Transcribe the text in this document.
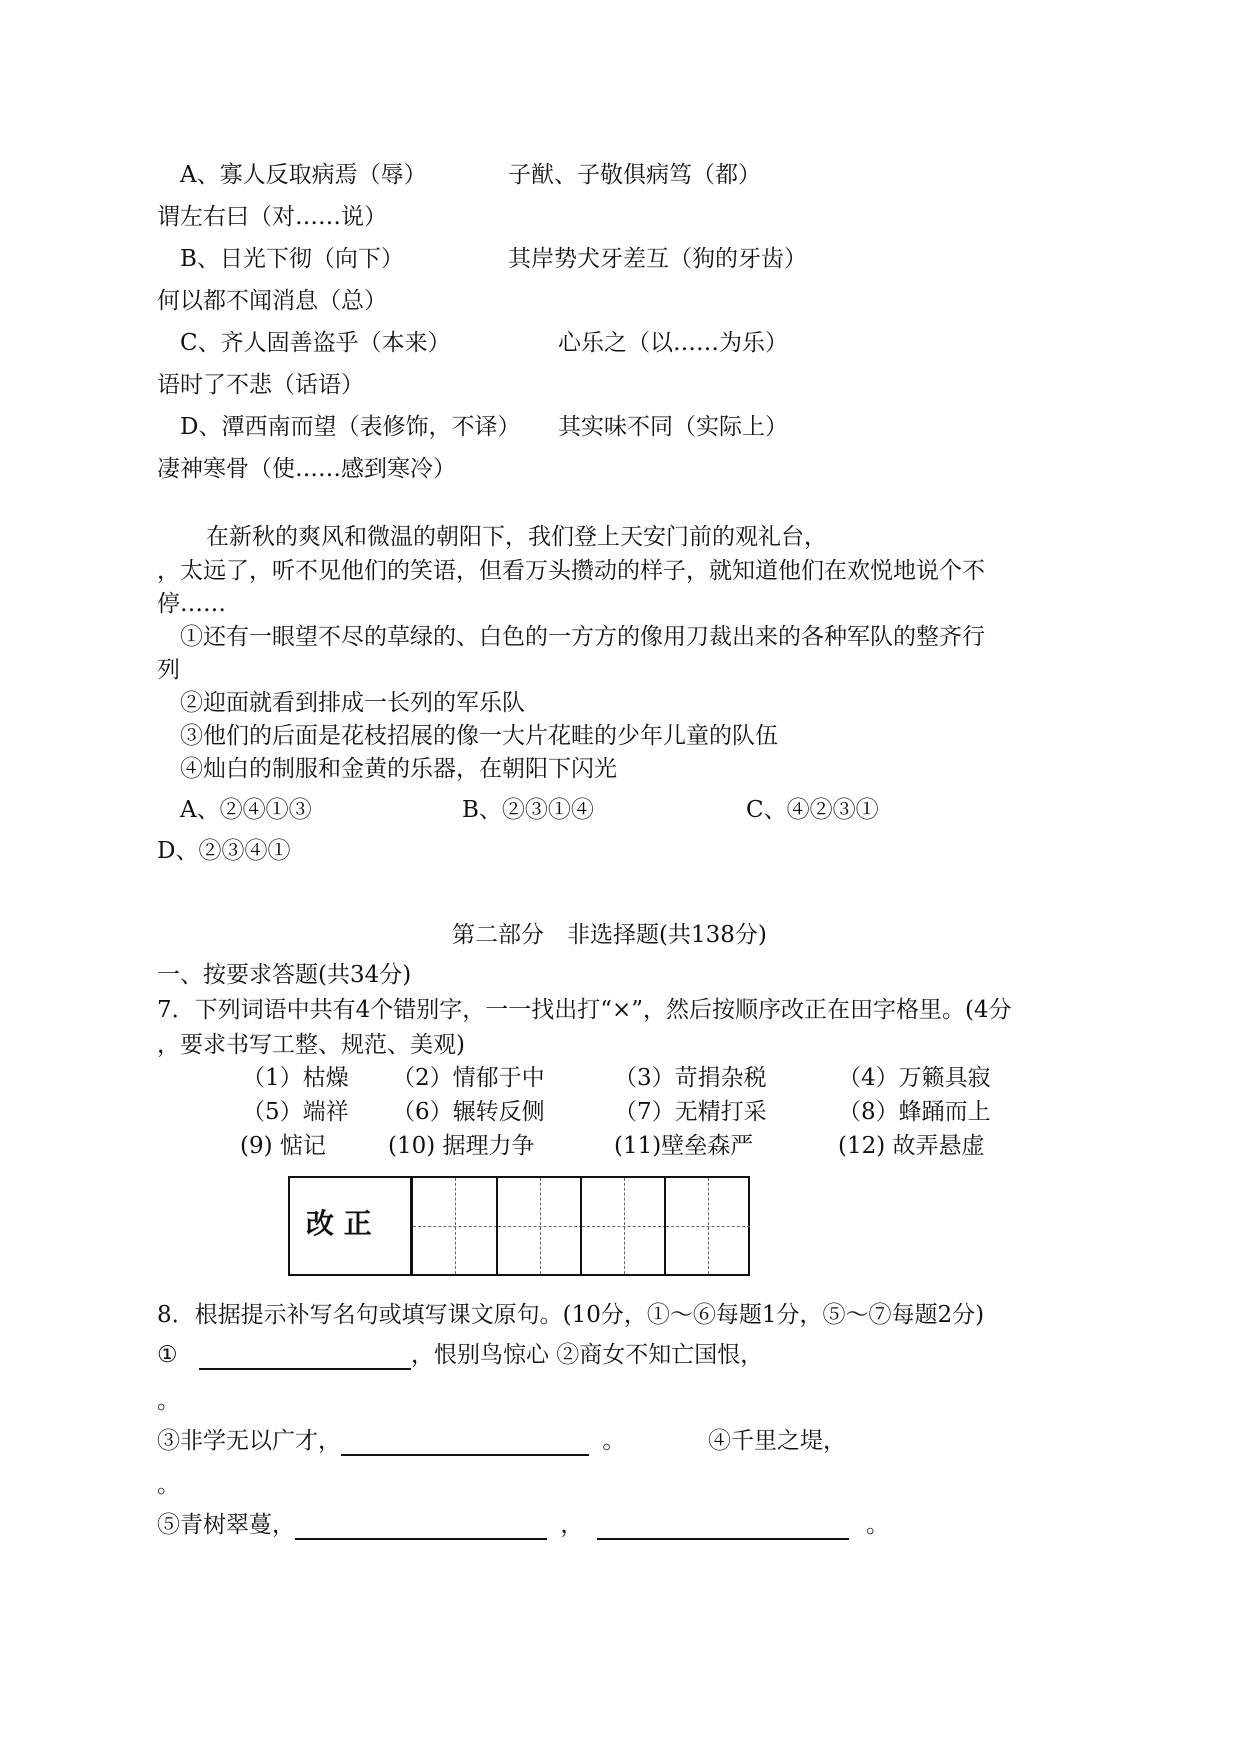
A、寡人反取病焉（辱）	子猷、子敬俱病笃（都）
谓左右曰（对……说）
B、日光下彻（向下）	其岸势犬牙差互（狗的牙齿）
何以都不闻消息（总）
C、齐人固善盗乎（本来）	心乐之（以……为乐）
语时了不悲（话语）
D、潭西南而望（表修饰，不译） 其实味不同（实际上）
凄神寒骨（使……感到寒冷）
在新秋的爽风和微温的朝阳下，我们登上天安门前的观礼台，
，太远了，听不见他们的笑语，但看万头攒动的样子，就知道他们在欢悦地说个不
停……
①还有一眼望不尽的草绿的、白色的一方方的像用刀裁出来的各种军队的整齐行
列
②迎面就看到排成一长列的军乐队
③他们的后面是花枝招展的像一大片花畦的少年儿童的队伍
④灿白的制服和金黄的乐器，在朝阳下闪光
A、②④①③	B、②③①④	C、④②③①
D、②③④①
第二部分　非选择题(共138分)
一、按要求答题(共34分)
7．下列词语中共有4个错别字，一一找出打“×”，然后按顺序改正在田字格里。(4分
，要求书写工整、规范、美观)
（1）枯燥 （2）情郁于中	（3）苛捐杂税	（4）万籁具寂
（5）端祥 （6）辗转反侧	（7）无精打采	（8）蜂踊而上
(9) 惦记	(10) 据理力争	(11)壁垒森严	(12) 故弄悬虚
改 正
8．根据提示补写名句或填写课文原句。(10分，①～⑥每题1分，⑤～⑦每题2分)
①	，恨别鸟惊心 ②商女不知亡国恨，
。
③非学无以广才，	。	④千里之堤，
。
⑤青树翠蔓，	，	。
